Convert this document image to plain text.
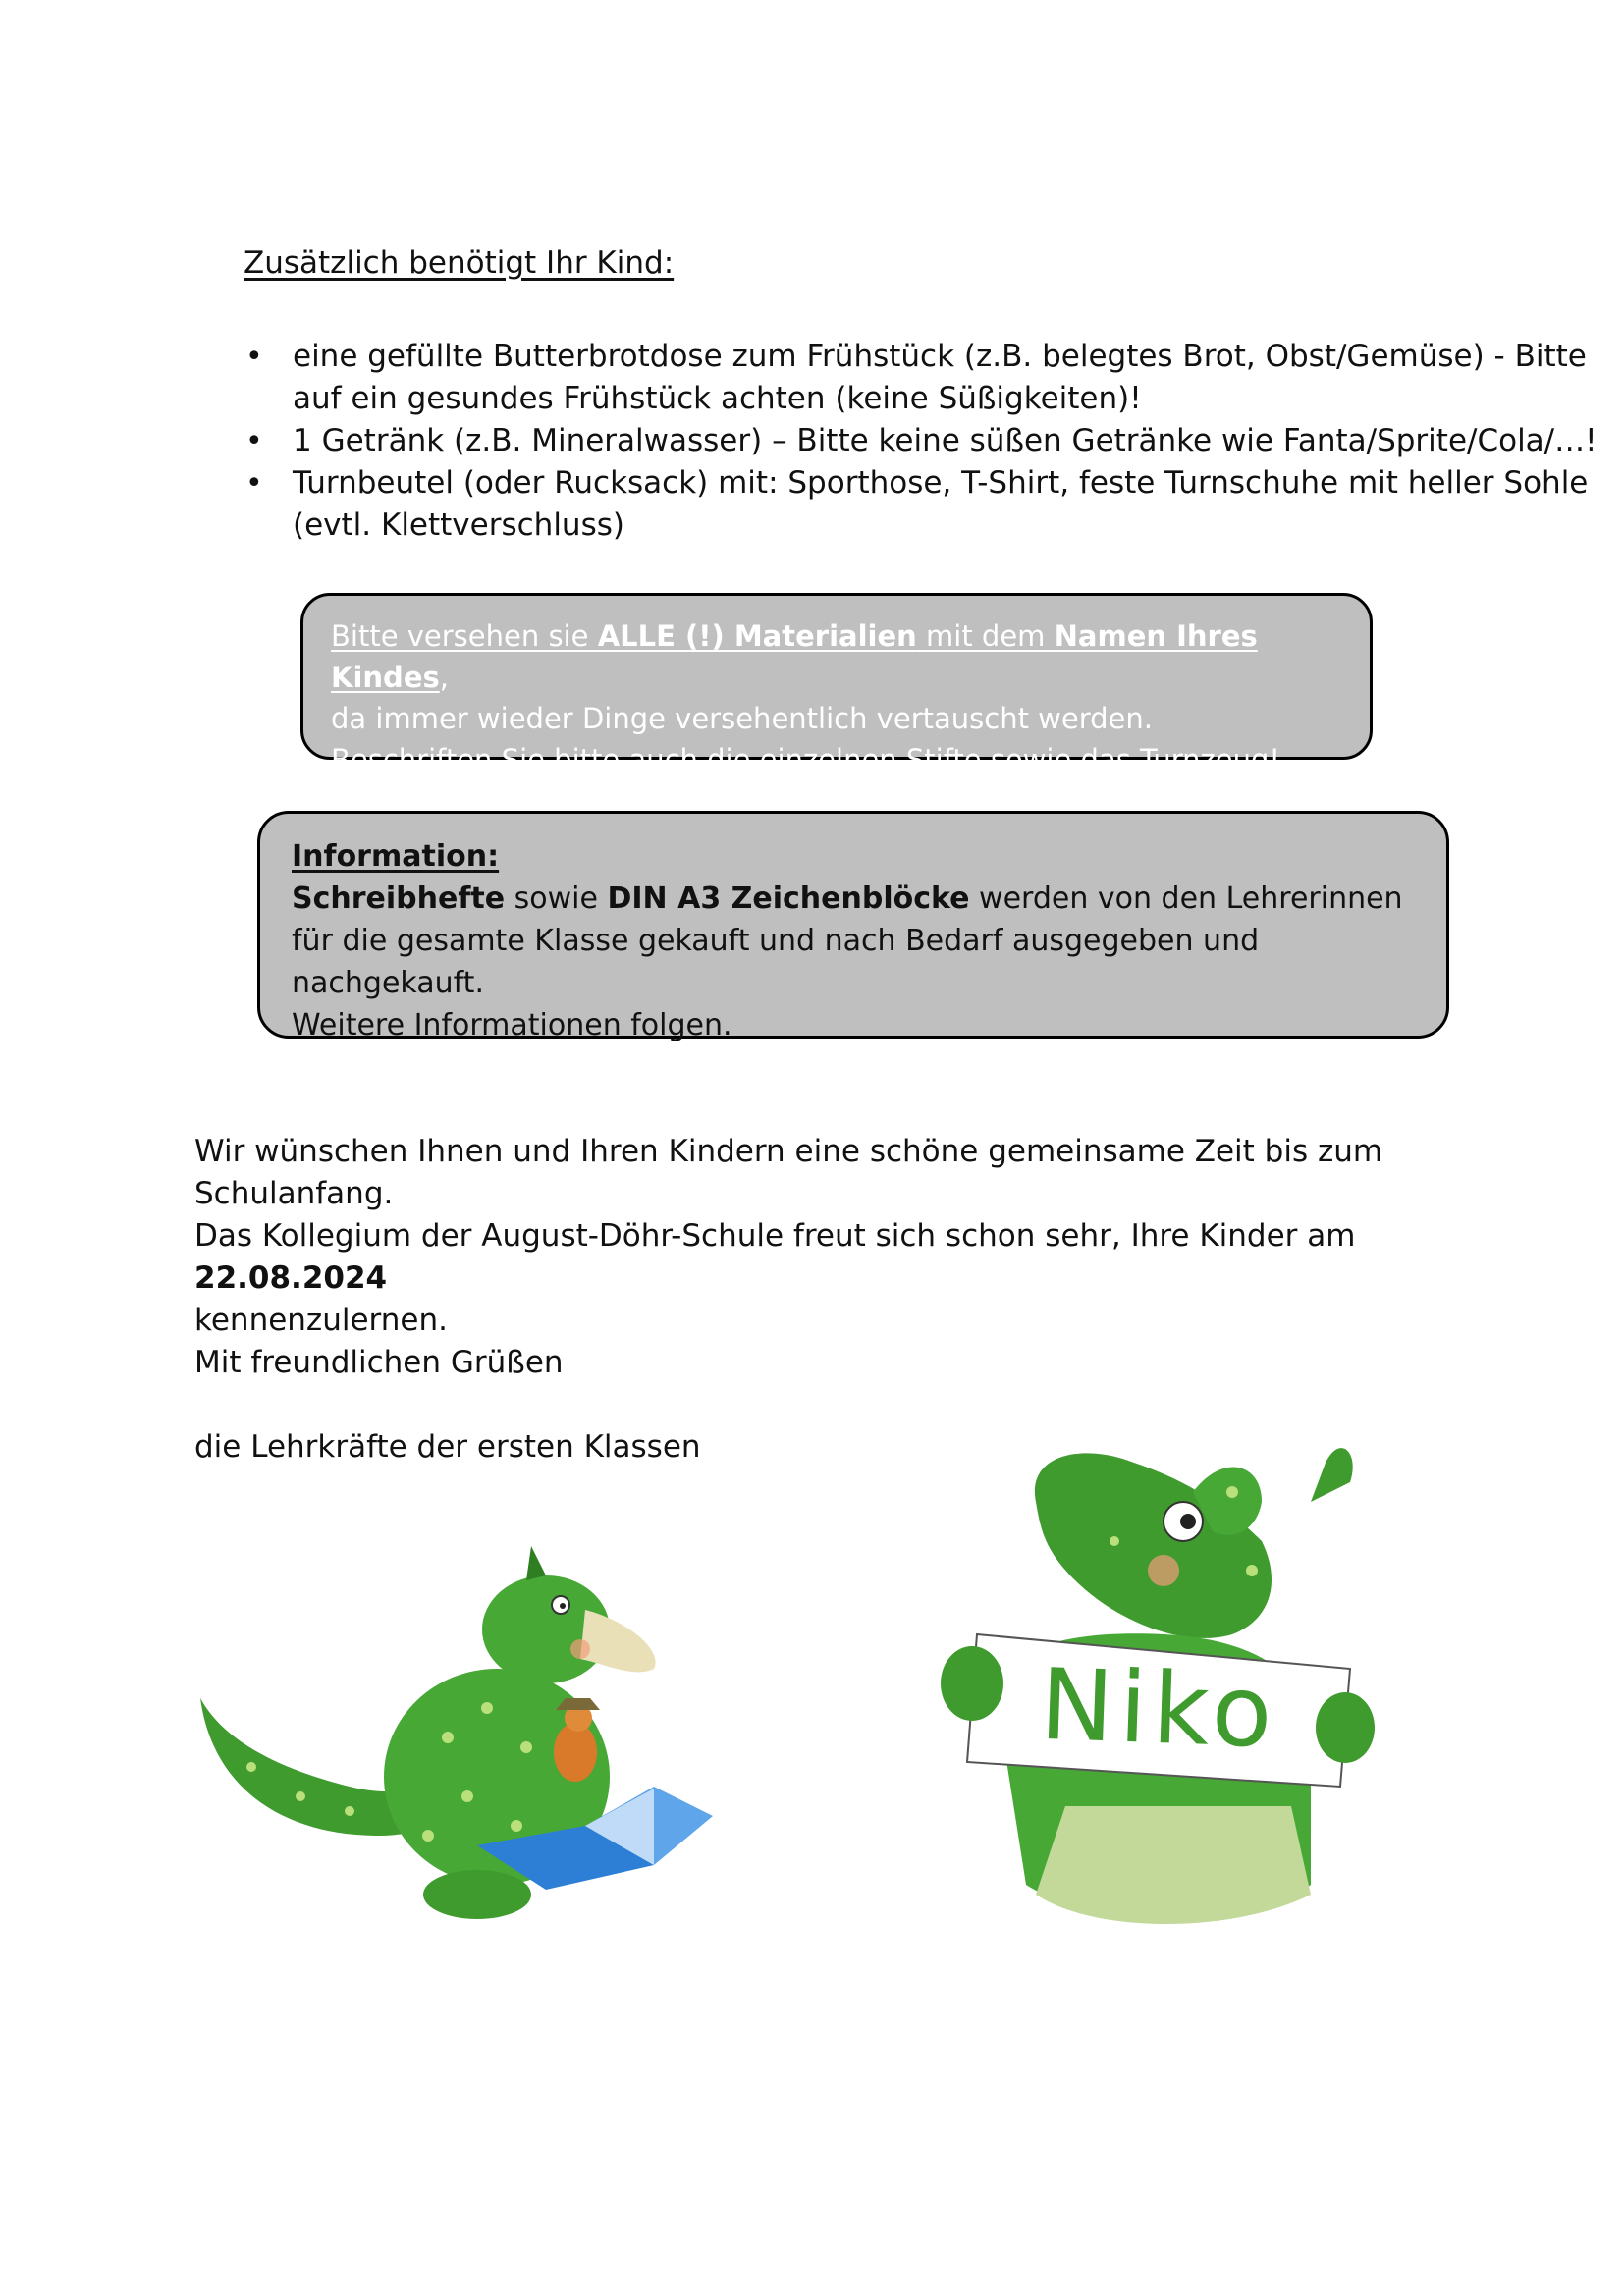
Zusätzlich benötigt Ihr Kind:
• eine gefüllte Butterbrotdose zum Frühstück (z.B. belegtes Brot, Obst/Gemüse) - Bitte auf ein gesundes Frühstück achten (keine Süßigkeiten)!
• 1 Getränk (z.B. Mineralwasser) – Bitte keine süßen Getränke wie Fanta/Sprite/Cola/…!
• Turnbeutel (oder Rucksack) mit: Sporthose, T-Shirt, feste Turnschuhe mit heller Sohle (evtl. Klettverschluss)
Bitte versehen sie ALLE (!) Materialien mit dem Namen Ihres Kindes,
da immer wieder Dinge versehentlich vertauscht werden.
Beschriften Sie bitte auch die einzelnen Stifte sowie das Turnzeug!
Information:
Schreibhefte sowie DIN A3 Zeichenblöcke werden von den Lehrerinnen
für die gesamte Klasse gekauft und nach Bedarf ausgegeben und nachgekauft.
Weitere Informationen folgen.
Wir wünschen Ihnen und Ihren Kindern eine schöne gemeinsame Zeit bis zum Schulanfang.
Das Kollegium der August-Döhr-Schule freut sich schon sehr, Ihre Kinder am 22.08.2024
kennenzulernen.
Mit freundlichen Grüßen
die Lehrkräfte der ersten Klassen
Niko
